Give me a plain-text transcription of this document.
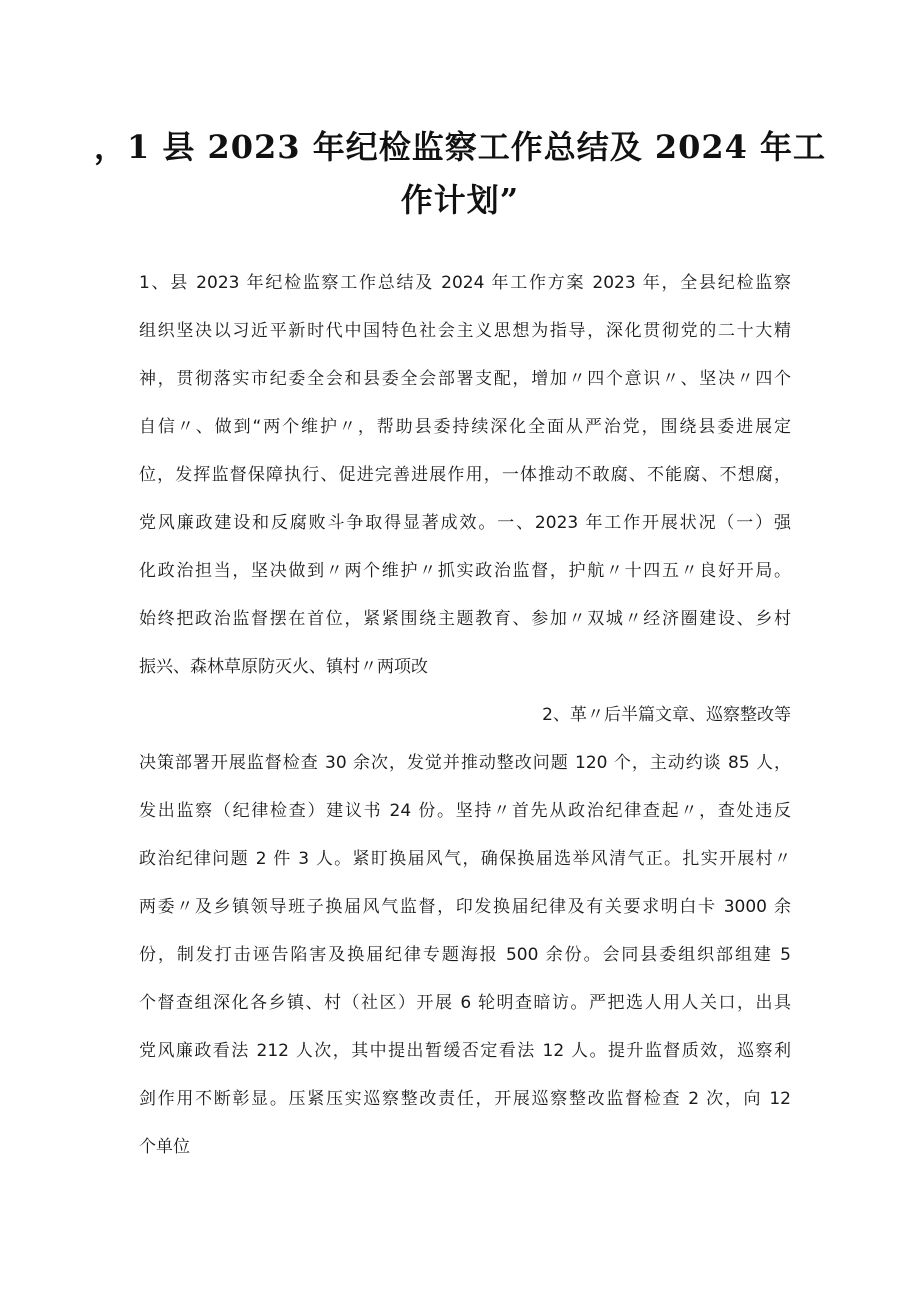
，1 县 2023 年纪检监察工作总结及 2024 年工
作计划”
1、县 2023 年纪检监察工作总结及 2024 年工作方案 2023 年，全县纪检监察
组织坚决以习近平新时代中国特色社会主义思想为指导，深化贯彻党的二十大精
神，贯彻落实市纪委全会和县委全会部署支配，增加〃四个意识〃、坚决〃四个
自信〃、做到“两个维护〃，帮助县委持续深化全面从严治党，围绕县委进展定
位，发挥监督保障执行、促进完善进展作用，一体推动不敢腐、不能腐、不想腐，
党风廉政建设和反腐败斗争取得显著成效。一、2023 年工作开展状况（一）强
化政治担当，坚决做到〃两个维护〃抓实政治监督，护航〃十四五〃良好开局。
始终把政治监督摆在首位，紧紧围绕主题教育、参加〃双城〃经济圈建设、乡村
振兴、森林草原防灭火、镇村〃两项改
2、革〃后半篇文章、巡察整改等
决策部署开展监督检查 30 余次，发觉并推动整改问题 120 个，主动约谈 85 人，
发出监察（纪律检查）建议书 24 份。坚持〃首先从政治纪律查起〃，查处违反
政治纪律问题 2 件 3 人。紧盯换届风气，确保换届选举风清气正。扎实开展村〃
两委〃及乡镇领导班子换届风气监督，印发换届纪律及有关要求明白卡 3000 余
份，制发打击诬告陷害及换届纪律专题海报 500 余份。会同县委组织部组建 5
个督查组深化各乡镇、村（社区）开展 6 轮明查暗访。严把选人用人关口，出具
党风廉政看法 212 人次，其中提出暂缓否定看法 12 人。提升监督质效，巡察利
剑作用不断彰显。压紧压实巡察整改责任，开展巡察整改监督检查 2 次，向 12
个单位
